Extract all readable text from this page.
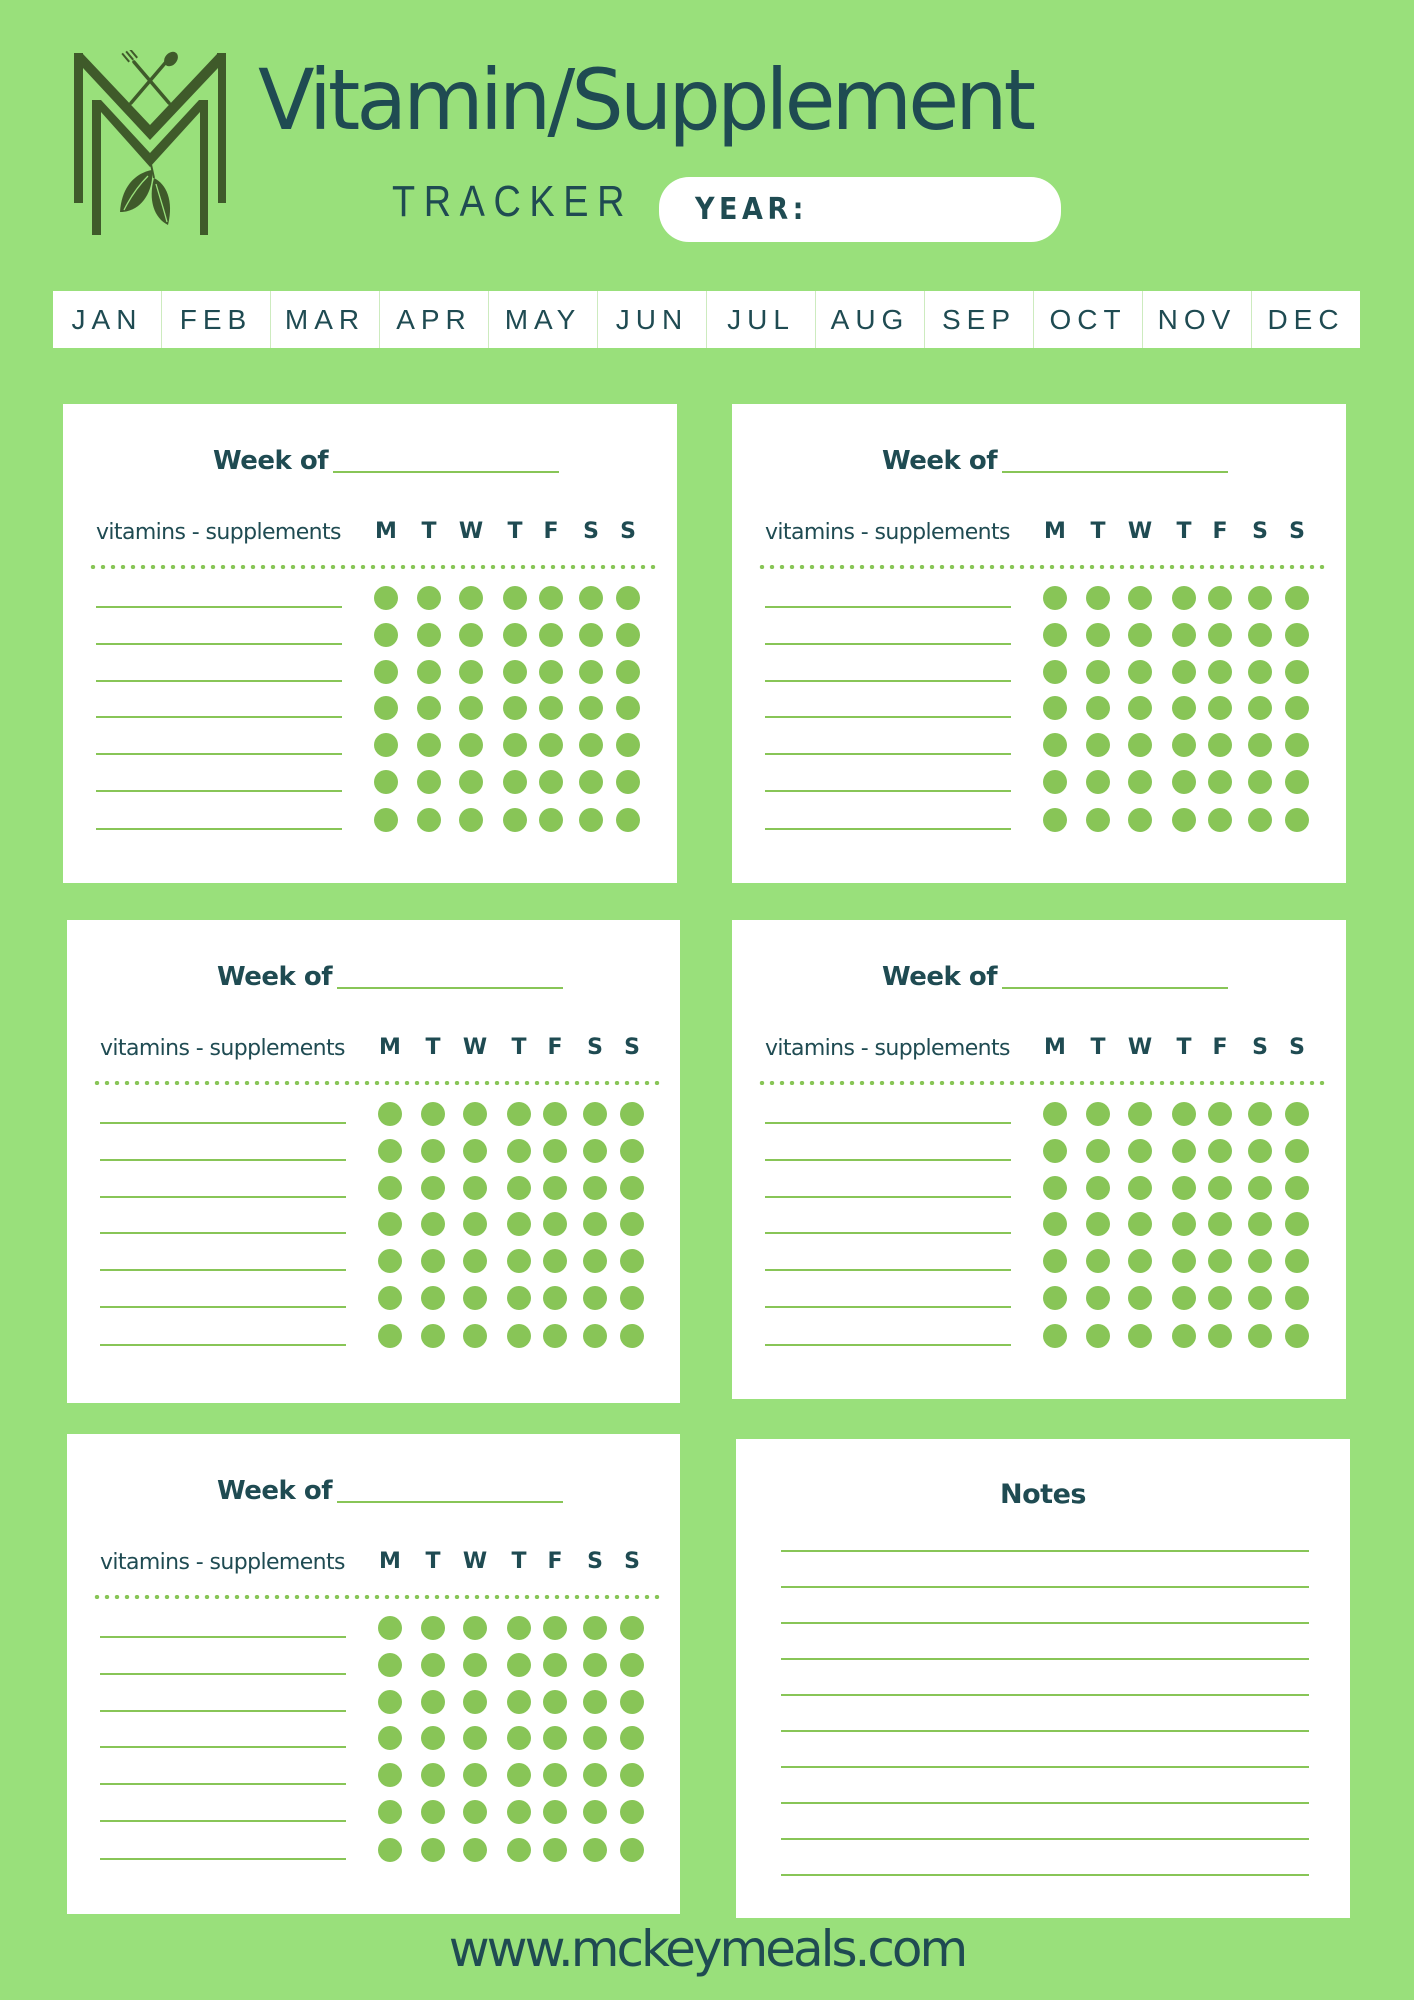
Vitamin/Supplement
TRACKER YEAR:
JAN	FEB	MAR	APR	MAY	JUN	JUL	AUG	SEP	OCT	NOV	DEC
Week of
vitamins - supplements M	T	W	T F	S S
Week of
vitamins - supplements M	T	W	T F	S S
Week of
vitamins - supplements M	T	W	T F	S S
Week of
vitamins - supplements M	T	W	T F	S S
Week of
vitamins - supplements M	T	W	T F	S S
Notes
www.mckeymeals.com
